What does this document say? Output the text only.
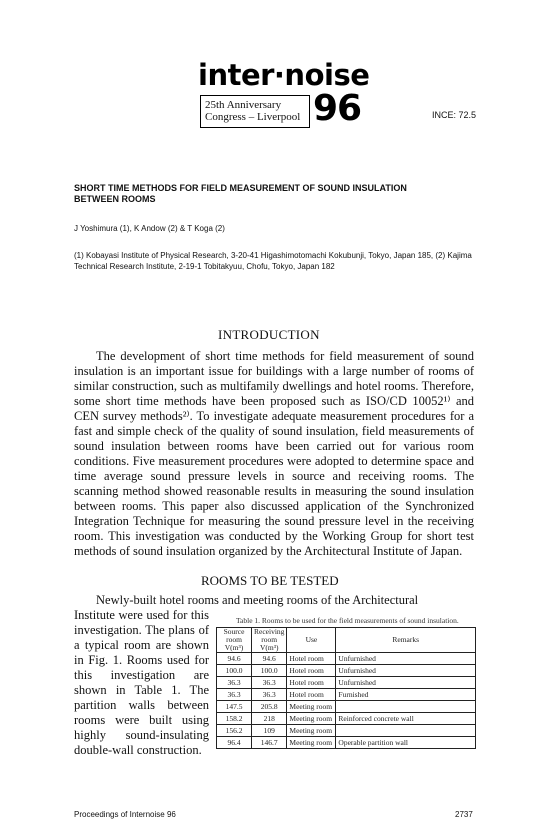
inter·noise
25th Anniversary
Congress – Liverpool 96	INCE: 72.5
SHORT TIME METHODS FOR FIELD MEASUREMENT OF SOUND INSULATION BETWEEN ROOMS
J Yoshimura (1), K Andow (2) & T Koga (2)
(1) Kobayasi Institute of Physical Research, 3-20-41 Higashimotomachi Kokubunji, Tokyo, Japan 185, (2) Kajima Technical Research Institute, 2-19-1 Tobitakyuu, Chofu, Tokyo, Japan 182
INTRODUCTION
The development of short time methods for field measurement of sound insulation is an important issue for buildings with a large number of rooms of similar construction, such as multifamily dwellings and hotel rooms. Therefore, some short time methods have been proposed such as ISO/CD 10052¹⁾ and CEN survey methods²⁾. To investigate adequate measurement procedures for a fast and simple check of the quality of sound insulation, field measurements of sound insulation between rooms have been carried out for various room conditions. Five measurement procedures were adopted to determine space and time average sound pressure levels in source and receiving rooms. The scanning method showed reasonable results in measuring the sound insulation between rooms. This paper also discussed application of the Synchronized Integration Technique for measuring the sound pressure level in the receiving room. This investigation was conducted by the Working Group for short test methods of sound insulation organized by the Architectural Institute of Japan.
ROOMS TO BE TESTED
Newly-built hotel rooms and meeting rooms of the Architectural
Institute were used for this investigation. The plans of a typical room are shown in Fig. 1. Rooms used for this investigation are shown in Table 1. The partition walls between rooms were built using highly sound-insulating double-wall construction.
Table 1. Rooms to be used for the field measurements of sound insulation.
Source room V(m³)	Receiving room V(m³)	Use	Remarks
94.6	94.6	Hotel room	Unfurnished
100.0	100.0	Hotel room	Unfurnished
36.3	36.3	Hotel room	Unfurnished
36.3	36.3	Hotel room	Furnished
147.5	205.8	Meeting room	
158.2	218	Meeting room	Reinforced concrete wall
156.2	109	Meeting room	
96.4	146.7	Meeting room	Operable partition wall
Proceedings of Internoise 96	2737
